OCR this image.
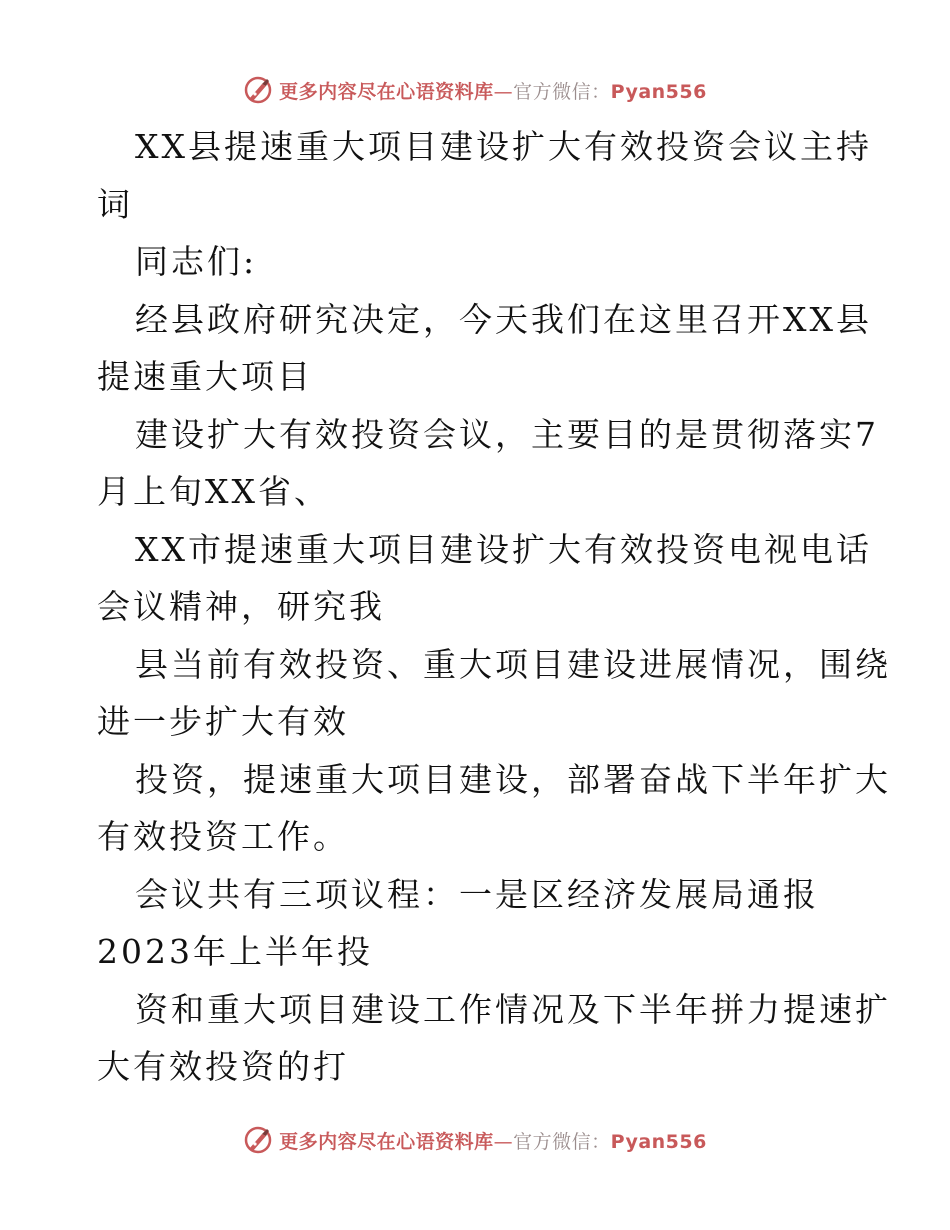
更多内容尽在心语资料库—官方微信：Pyan556
XX县提速重大项目建设扩大有效投资会议主持
词
同志们:
经县政府研究决定，今天我们在这里召开XX县
提速重大项目
建设扩大有效投资会议，主要目的是贯彻落实7
月上旬XX省、
XX市提速重大项目建设扩大有效投资电视电话
会议精神，研究我
县当前有效投资、重大项目建设进展情况，围绕
进一步扩大有效
投资，提速重大项目建设，部署奋战下半年扩大
有效投资工作。
会议共有三项议程：一是区经济发展局通报
2023年上半年投
资和重大项目建设工作情况及下半年拼力提速扩
大有效投资的打
更多内容尽在心语资料库—官方微信：Pyan556
